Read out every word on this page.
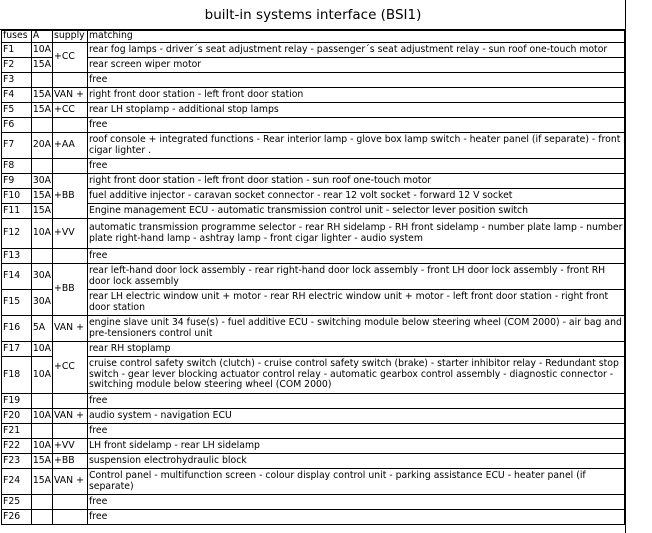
built-in systems interface (BSI1)
fuses	A	supply	matching
F1	10A	+CC	rear fog lamps - driver´s seat adjustment relay - passenger´s seat adjustment relay - sun roof one-touch motor
F2	15A		rear screen wiper motor
F3			free
F4	15A	VAN +	right front door station - left front door station
F5	15A	+CC	rear LH stoplamp - additional stop lamps
F6			free
F7	20A	+AA	roof console + integrated functions - Rear interior lamp - glove box lamp switch - heater panel (if separate) - front cigar lighter .
F8			free
F9	30A	+BB	right front door station - left front door station - sun roof one-touch motor
F10	15A		fuel additive injector - caravan socket connector - rear 12 volt socket - forward 12 V socket
F11	15A		Engine management ECU - automatic transmission control unit - selector lever position switch
F12	10A	+VV	automatic transmission programme selector - rear RH sidelamp - RH front sidelamp - number plate lamp - number plate right-hand lamp - ashtray lamp - front cigar lighter - audio system
F13			free
F14	30A	+BB	rear left-hand door lock assembly - rear right-hand door lock assembly - front LH door lock assembly - front RH door lock assembly
F15	30A		rear LH electric window unit + motor - rear RH electric window unit + motor - left front door station - right front door station
F16	5A	VAN +	engine slave unit 34 fuse(s) - fuel additive ECU - switching module below steering wheel (COM 2000) - air bag and pre-tensioners control unit
F17	10A	+CC	rear RH stoplamp
F18	10A		cruise control safety switch (clutch) - cruise control safety switch (brake) - starter inhibitor relay - Redundant stop switch - gear lever blocking actuator control relay - automatic gearbox control assembly - diagnostic connector - switching module below steering wheel (COM 2000)
F19			free
F20	10A	VAN +	audio system - navigation ECU
F21			free
F22	10A	+VV	LH front sidelamp - rear LH sidelamp
F23	15A	+BB	suspension electrohydraulic block
F24	15A	VAN +	Control panel - multifunction screen - colour display control unit - parking assistance ECU - heater panel (if separate)
F25			free
F26			free
